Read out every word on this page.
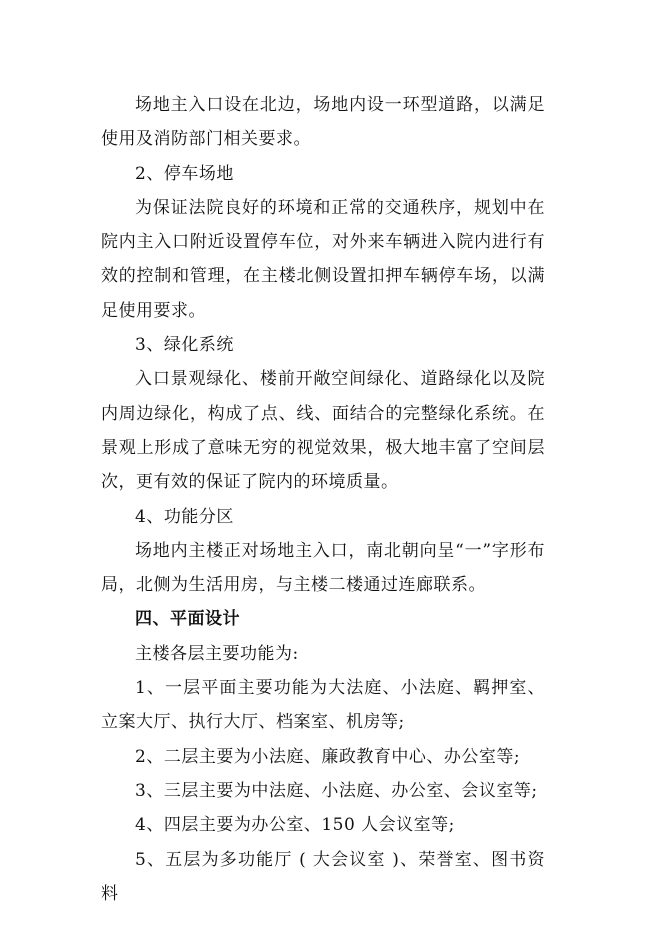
场地主入口设在北边，场地内设一环型道路，以满足使用及消防部门相关要求。

2、停车场地

为保证法院良好的环境和正常的交通秩序，规划中在院内主入口附近设置停车位，对外来车辆进入院内进行有效的控制和管理，在主楼北侧设置扣押车辆停车场，以满足使用要求。

3、绿化系统

入口景观绿化、楼前开敞空间绿化、道路绿化以及院内周边绿化，构成了点、线、面结合的完整绿化系统。在景观上形成了意味无穷的视觉效果，极大地丰富了空间层次，更有效的保证了院内的环境质量。

4、功能分区

场地内主楼正对场地主入口，南北朝向呈“一”字形布局，北侧为生活用房，与主楼二楼通过连廊联系。

四、平面设计

主楼各层主要功能为:

1、一层平面主要功能为大法庭、小法庭、羁押室、立案大厅、执行大厅、档案室、机房等;

2、二层主要为小法庭、廉政教育中心、办公室等;

3、三层主要为中法庭、小法庭、办公室、会议室等;

4、四层主要为办公室、150 人会议室等;

5、五层为多功能厅 ( 大会议室 )、荣誉室、图书资料
